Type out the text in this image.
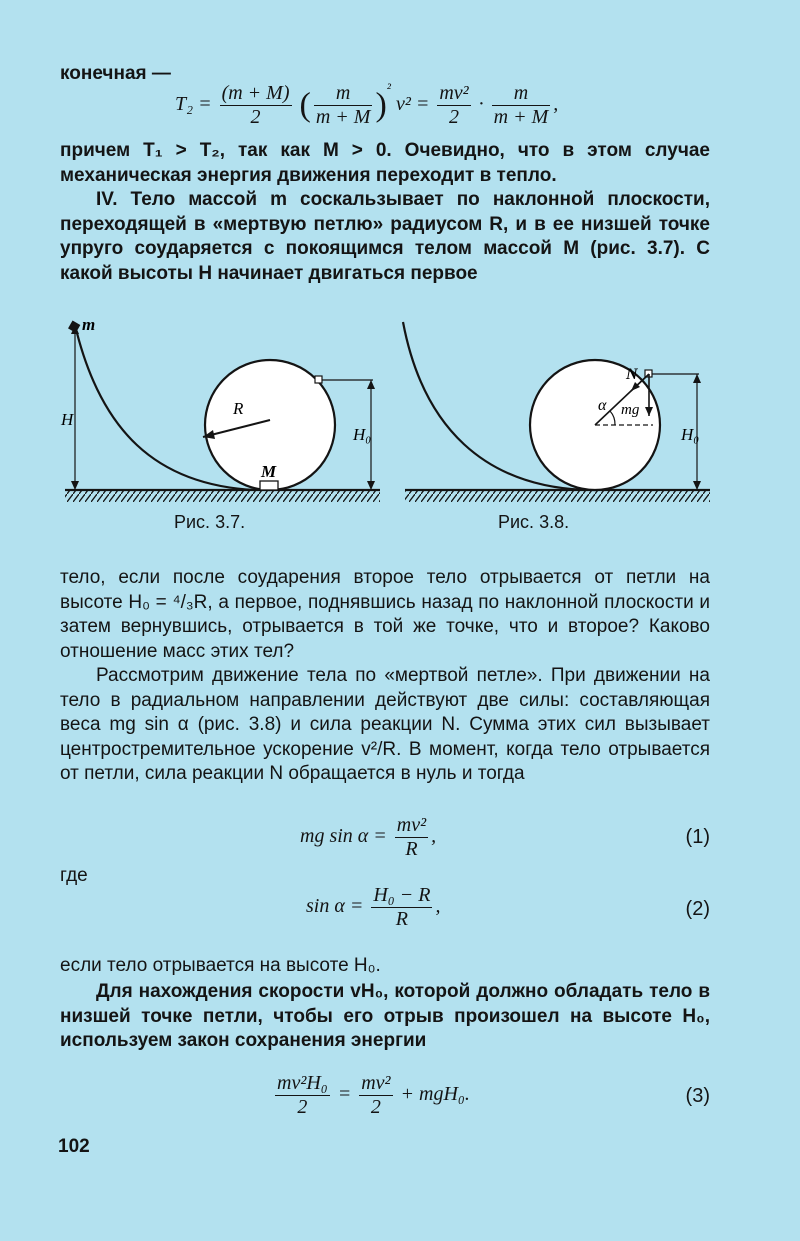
конечная —
$T_2 = \frac{(m + M)}{2}$ ( $\frac{m}{m + M} )^{^2}$ $v^2 = \frac{\text{mv²}}{2} \cdot \frac{m}{m + M}$ ,
причем T₁ > T₂, так как M > 0. Очевидно, что в этом случае механическая энергия движения переходит в тепло.
IV. Тело массой m соскальзывает по наклонной плоскости, переходящей в «мертвую петлю» радиусом R, и в ее низшей точке упруго соударяется с покоящимся телом массой M (рис. 3.7). С какой высоты H начинает двигаться первое
m
H
R
M
H₀
α
N
mg
H₀
Рис. 3.7.	Рис. 3.8.
тело, если после соударения второе тело отрывается от петли на высоте H₀ = ⁴/₃R, а первое, поднявшись назад по наклонной плоскости и затем вернувшись, отрывается в той же точке, что и второе? Каково отношение масс этих тел?
Рассмотрим движение тела по «мертвой петле». При движении на тело в радиальном направлении действуют две силы: составляющая веса mg sin α (рис. 3.8) и сила реакции N. Сумма этих сил вызывает центростремительное ускорение v²/R. В момент, когда тело отрывается от петли, сила реакции N обращается в нуль и тогда
mg $\sin \alpha = \frac{\text{mv²}}{R}$ ,	(1)
где
$\sin \alpha = \frac{\text{H₀ − R}}{R}$ ,	(2)
если тело отрывается на высоте H₀.
Для нахождения скорости vH₀, которой должно обладать тело в низшей точке петли, чтобы его отрыв произошел на высоте H₀, используем закон сохранения энергии
$\frac{\text{mv²H₀}}{2} = \frac{\text{mv²}}{2} + mgH_0$.	(3)
102
